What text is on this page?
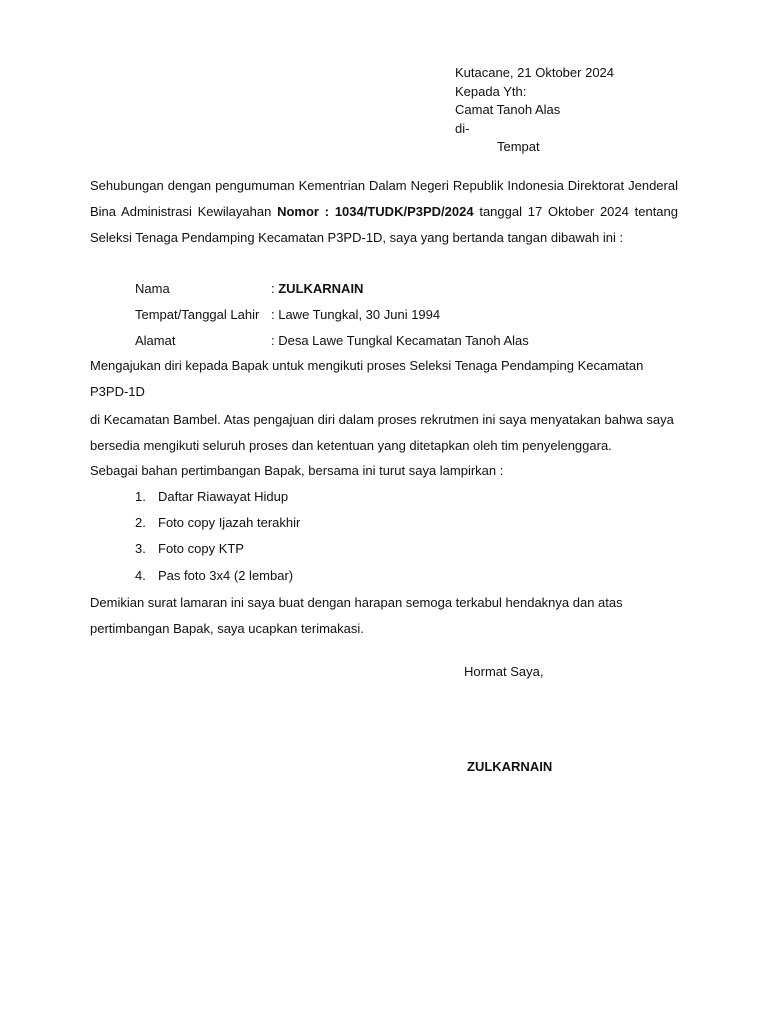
Kutacane, 21 Oktober 2024
Kepada Yth:
Camat Tanoh Alas
di-
Tempat
Sehubungan dengan pengumuman Kementrian Dalam Negeri Republik Indonesia Direktorat Jenderal
Bina Administrasi Kewilayahan Nomor : 1034/TUDK/P3PD/2024 tanggal 17 Oktober 2024 tentang
Seleksi Tenaga Pendamping Kecamatan P3PD-1D, saya yang bertanda tangan dibawah ini :
Nama	: ZULKARNAIN
Tempat/Tanggal Lahir : Lawe Tungkal, 30 Juni 1994
Alamat	: Desa Lawe Tungkal Kecamatan Tanoh Alas
Mengajukan diri kepada Bapak untuk mengikuti proses Seleksi Tenaga Pendamping Kecamatan P3PD-1D
di Kecamatan Bambel. Atas pengajuan diri dalam proses rekrutmen ini saya menyatakan bahwa saya
bersedia mengikuti seluruh proses dan ketentuan yang ditetapkan oleh tim penyelenggara.
Sebagai bahan pertimbangan Bapak, bersama ini turut saya lampirkan :
1. Daftar Riawayat Hidup
2. Foto copy Ijazah terakhir
3. Foto copy KTP
4. Pas foto 3x4 (2 lembar)
Demikian surat lamaran ini saya buat dengan harapan semoga terkabul hendaknya dan atas
pertimbangan Bapak, saya ucapkan terimakasi.
Hormat Saya,
ZULKARNAIN
